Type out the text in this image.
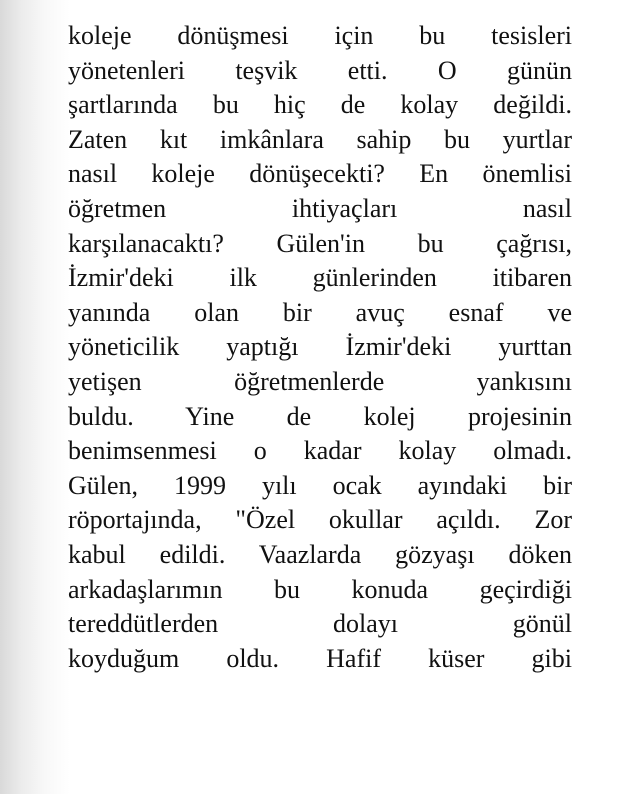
koleje dönüşmesi için bu tesisleri
yönetenleri teşvik etti. O günün
şartlarında bu hiç de kolay değildi.
Zaten kıt imkânlara sahip bu yurtlar
nasıl koleje dönüşecekti? En önemlisi
öğretmen ihtiyaçları nasıl
karşılanacaktı? Gülen'in bu çağrısı,
İzmir'deki ilk günlerinden itibaren
yanında olan bir avuç esnaf ve
yöneticilik yaptığı İzmir'deki yurttan
yetişen öğretmenlerde yankısını
buldu. Yine de kolej projesinin
benimsenmesi o kadar kolay olmadı.
Gülen, 1999 yılı ocak ayındaki bir
röportajında, "Özel okullar açıldı. Zor
kabul edildi. Vaazlarda gözyaşı döken
arkadaşlarımın bu konuda geçirdiği
tereddütlerden dolayı gönül
koyduğum oldu. Hafif küser gibi
